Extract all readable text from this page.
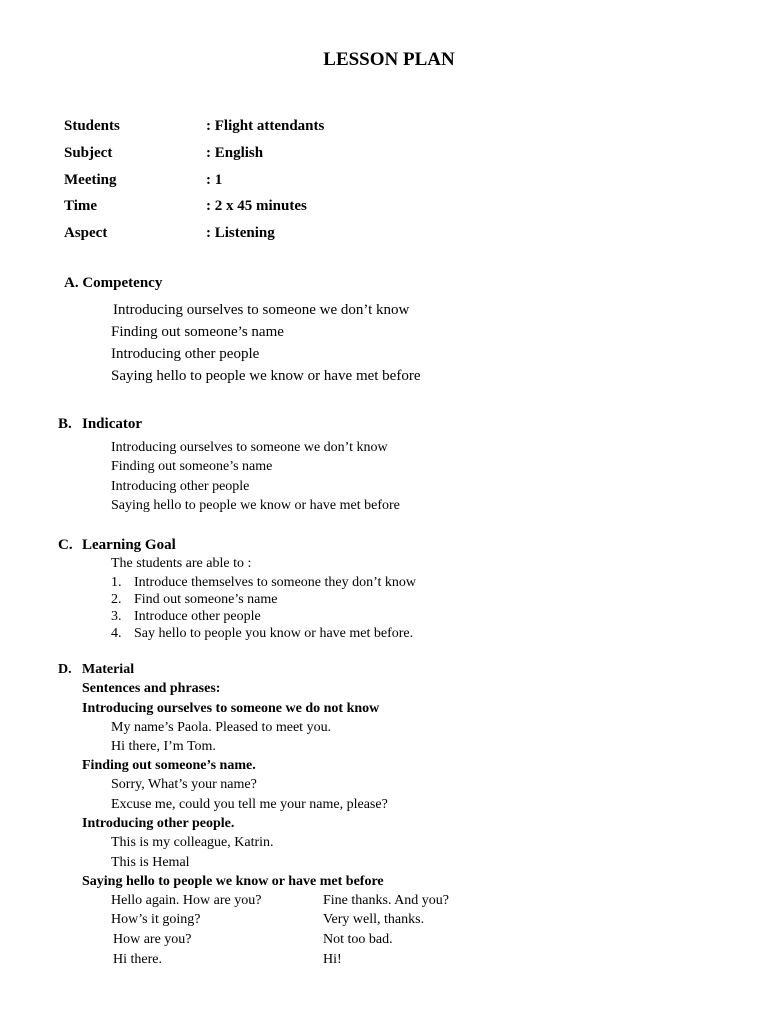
LESSON PLAN
Students	: Flight attendants
Subject	: English
Meeting	: 1
Time	: 2 x 45 minutes
Aspect	: Listening
A. Competency
Introducing ourselves to someone we don’t know
Finding out someone’s name
Introducing other people
Saying hello to people we know or have met before
B. Indicator
Introducing ourselves to someone we don’t know
Finding out someone’s name
Introducing other people
Saying hello to people we know or have met before
C. Learning Goal
The students are able to :
1. Introduce themselves to someone they don’t know
2. Find out someone’s name
3. Introduce other people
4. Say hello to people you know or have met before.
D. Material
Sentences and phrases:
Introducing ourselves to someone we do not know
My name’s Paola. Pleased to meet you.
Hi there, I’m Tom.
Finding out someone’s name.
Sorry, What’s your name?
Excuse me, could you tell me your name, please?
Introducing other people.
This is my colleague, Katrin.
This is Hemal
Saying hello to people we know or have met before
Hello again. How are you?	Fine thanks. And you?
How’s it going?	Very well, thanks.
How are you?	Not too bad.
Hi there.	Hi!
